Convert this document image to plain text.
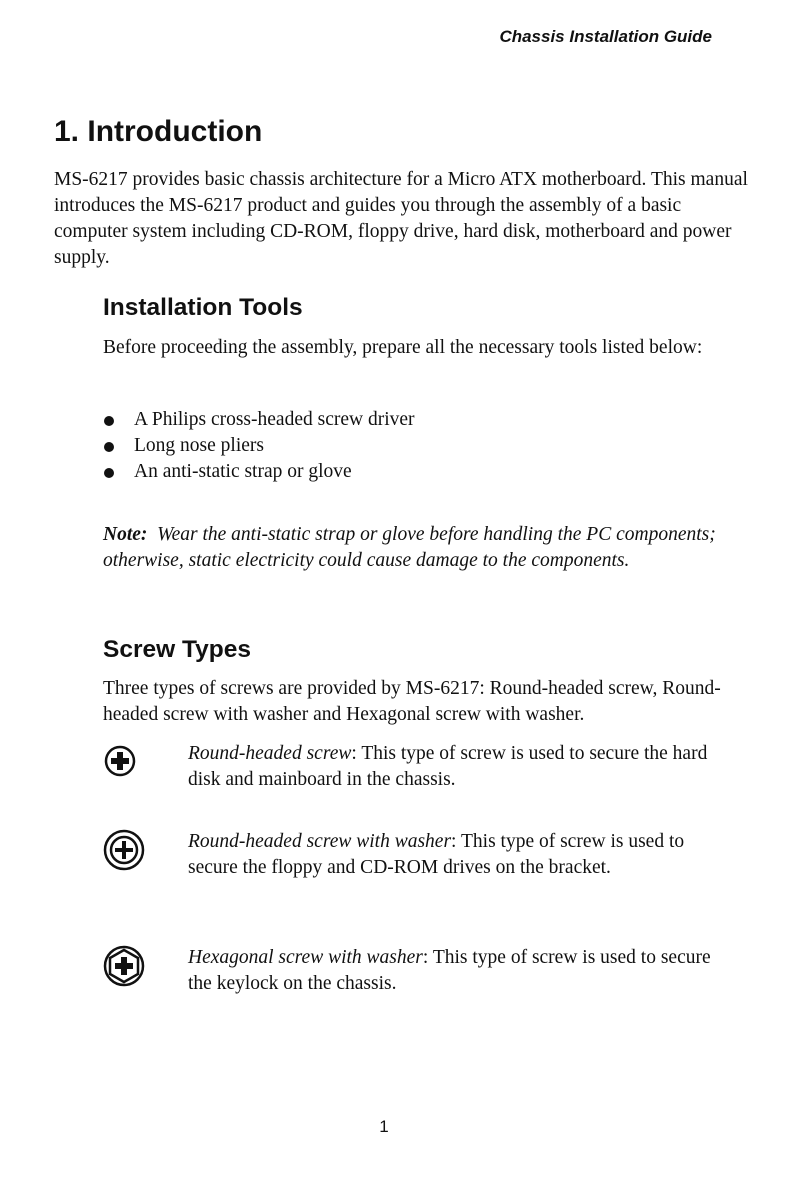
Chassis Installation Guide
1. Introduction

MS-6217 provides basic chassis architecture for a Micro ATX motherboard. This manual introduces the MS-6217 product and guides you through the assembly of a basic computer system including CD-ROM, floppy drive, hard disk, motherboard and power supply.

Installation Tools

Before proceeding the assembly, prepare all the necessary tools listed below:

A Philips cross-headed screw driver
Long nose pliers
An anti-static strap or glove

Note: Wear the anti-static strap or glove before handling the PC components; otherwise, static electricity could cause damage to the components.

Screw Types

Three types of screws are provided by MS-6217: Round-headed screw, Round-headed screw with washer and Hexagonal screw with washer.

Round-headed screw: This type of screw is used to secure the hard disk and mainboard in the chassis.
Round-headed screw with washer: This type of screw is used to secure the floppy and CD-ROM drives on the bracket.
Hexagonal screw with washer: This type of screw is used to secure the keylock on the chassis.
1
